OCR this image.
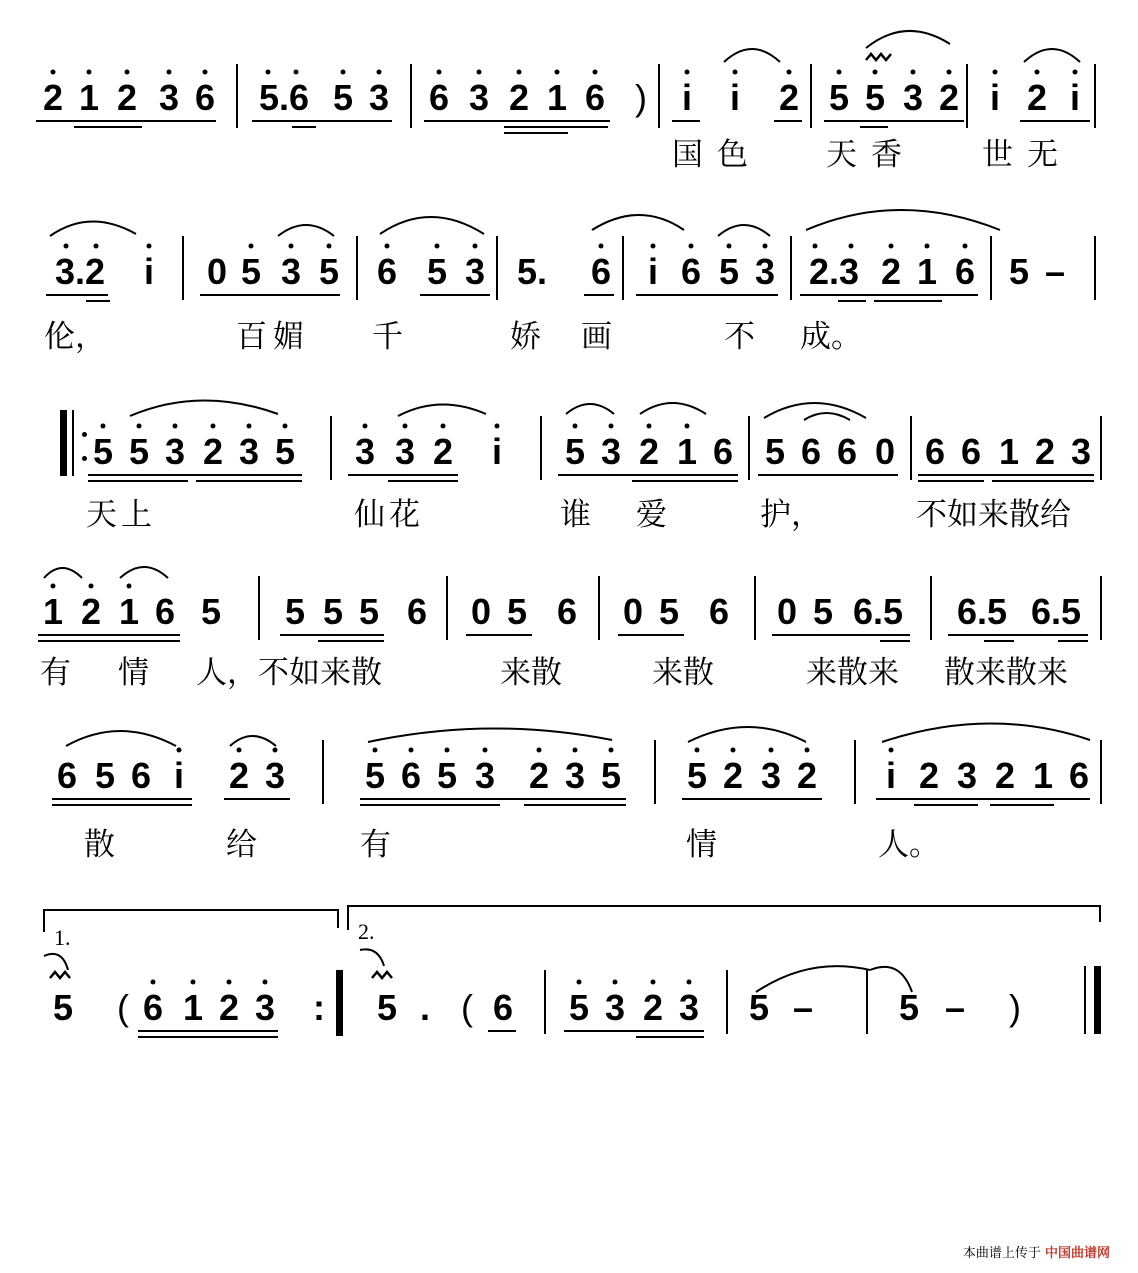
2 1 2 3 6 5.6 5 3 6 3 2 1 6 ) i i 2 5 5 3 2 i 2 i
国色 天香 世无
3.2 i 0 5 3 5 6 5 3 5. 6 i 6 5 3 2.3 2 1 6 5 –
伦，	百媚 千	娇画 不 成。
5 5 3 2 3 5 3 3 2 i 5 3 2 1 6 5 6 6 0 6 6 1 2 3
天上	仙花	谁 爱	护，	不如来散给
1 2 1 6 5 5 5 5 6 0 5 6 0 5 6 0 5 6.5 6.5 6.5
有 情 人，不如来散	来散	来散	来散来 散来散来
6 5 6 i 2 3 5 6 5 3 2 3 5 5 2 3 2 i 2 3 2 1 6
散	给	有	情	人。
1.	2.
5 ( 6 1 2 3 : 5 . ( 6 5 3 2 3 5 – 5 – )
本曲谱上传于 中国曲谱网
